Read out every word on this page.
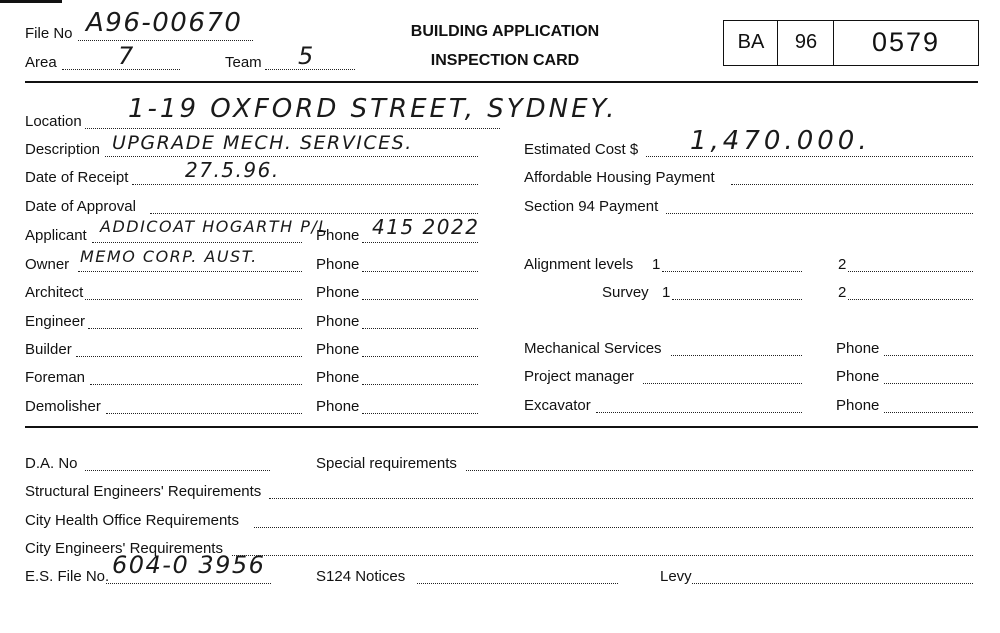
File No A96-00670
Area	7	Team 5
BUILDING APPLICATION
INSPECTION CARD
BA	96	0579
Location 1-19 OXFORD STREET, SYDNEY.
Description UPGRADE MECH. SERVICES.
Date of Receipt	27.5.96.
Date of Approval
Applicant ADDICOAT HOGARTH P/L
Phone 415 2022
Owner MEMO CORP. AUST.	Phone
Architect	Phone
Engineer	Phone
Builder	Phone
Foreman	Phone
Demolisher	Phone
Estimated Cost $ 1,470.000.
Affordable Housing Payment
Section 94 Payment
Alignment levels 1	2
Survey 1	2
Mechanical Services	Phone
Project manager	Phone
Excavator	Phone
D.A. No	Special requirements
Structural Engineers' Requirements
City Health Office Requirements
City Engineers' Requirements
E.S. File No. 604-0 3956	S124 Notices	Levy
